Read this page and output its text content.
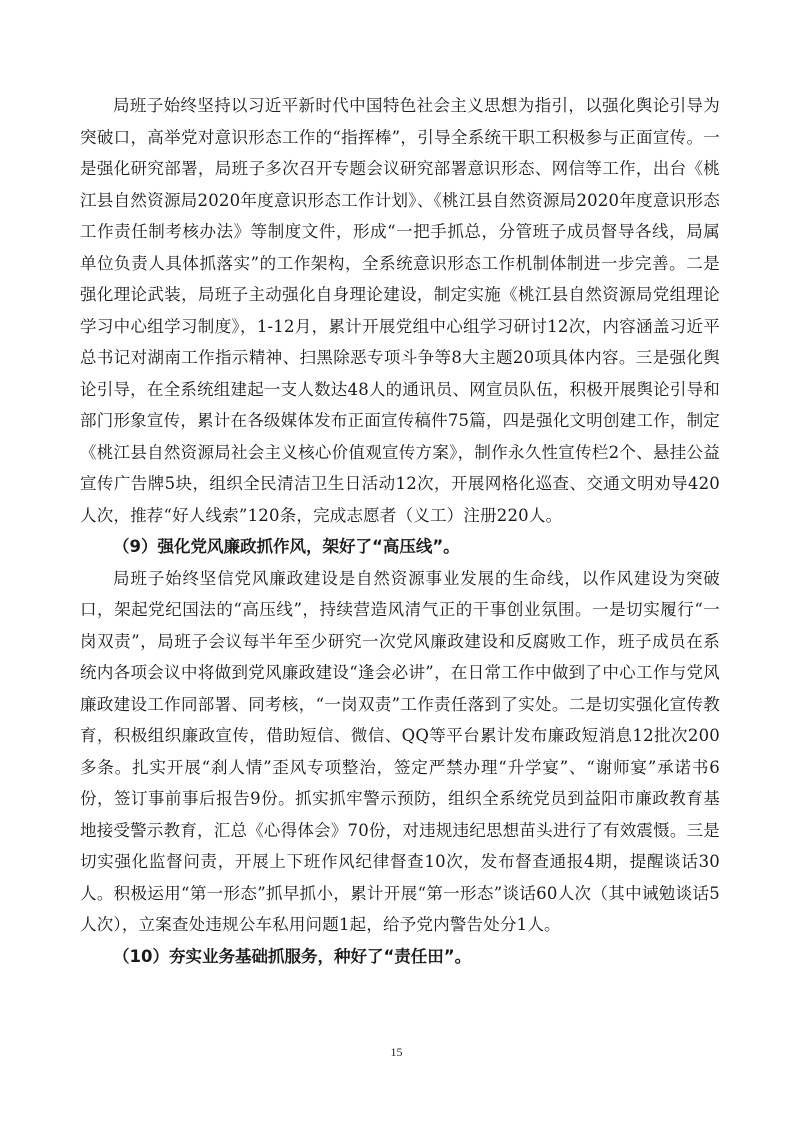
局班子始终坚持以习近平新时代中国特色社会主义思想为指引，以强化舆论引导为突破口，高举党对意识形态工作的“指挥棒”，引导全系统干职工积极参与正面宣传。一是强化研究部署，局班子多次召开专题会议研究部署意识形态、网信等工作，出台《桃江县自然资源局2020年度意识形态工作计划》、《桃江县自然资源局2020年度意识形态工作责任制考核办法》等制度文件，形成“一把手抓总，分管班子成员督导各线，局属单位负责人具体抓落实”的工作架构，全系统意识形态工作机制体制进一步完善。二是强化理论武装，局班子主动强化自身理论建设，制定实施《桃江县自然资源局党组理论学习中心组学习制度》，1-12月，累计开展党组中心组学习研讨12次，内容涵盖习近平总书记对湖南工作指示精神、扫黑除恶专项斗争等8大主题20项具体内容。三是强化舆论引导，在全系统组建起一支人数达48人的通讯员、网宣员队伍，积极开展舆论引导和部门形象宣传，累计在各级媒体发布正面宣传稿件75篇，四是强化文明创建工作，制定《桃江县自然资源局社会主义核心价值观宣传方案》，制作永久性宣传栏2个、悬挂公益宣传广告牌5块，组织全民清洁卫生日活动12次，开展网格化巡查、交通文明劝导420人次，推荐“好人线索”120条，完成志愿者（义工）注册220人。

（9）强化党风廉政抓作风，架好了“高压线”。

局班子始终坚信党风廉政建设是自然资源事业发展的生命线，以作风建设为突破口，架起党纪国法的“高压线”，持续营造风清气正的干事创业氛围。一是切实履行“一岗双责”，局班子会议每半年至少研究一次党风廉政建设和反腐败工作，班子成员在系统内各项会议中将做到党风廉政建设“逢会必讲”，在日常工作中做到了中心工作与党风廉政建设工作同部署、同考核，“一岗双责”工作责任落到了实处。二是切实强化宣传教育，积极组织廉政宣传，借助短信、微信、QQ等平台累计发布廉政短消息12批次200多条。扎实开展“刹人情”歪风专项整治，签定严禁办理“升学宴”、“谢师宴”承诺书6份，签订事前事后报告9份。抓实抓牢警示预防，组织全系统党员到益阳市廉政教育基地接受警示教育，汇总《心得体会》70份，对违规违纪思想苗头进行了有效震慑。三是切实强化监督问责，开展上下班作风纪律督查10次，发布督查通报4期，提醒谈话30人。积极运用“第一形态”抓早抓小，累计开展“第一形态”谈话60人次（其中诫勉谈话5人次），立案查处违规公车私用问题1起，给予党内警告处分1人。

（10）夯实业务基础抓服务，种好了“责任田”。
15
